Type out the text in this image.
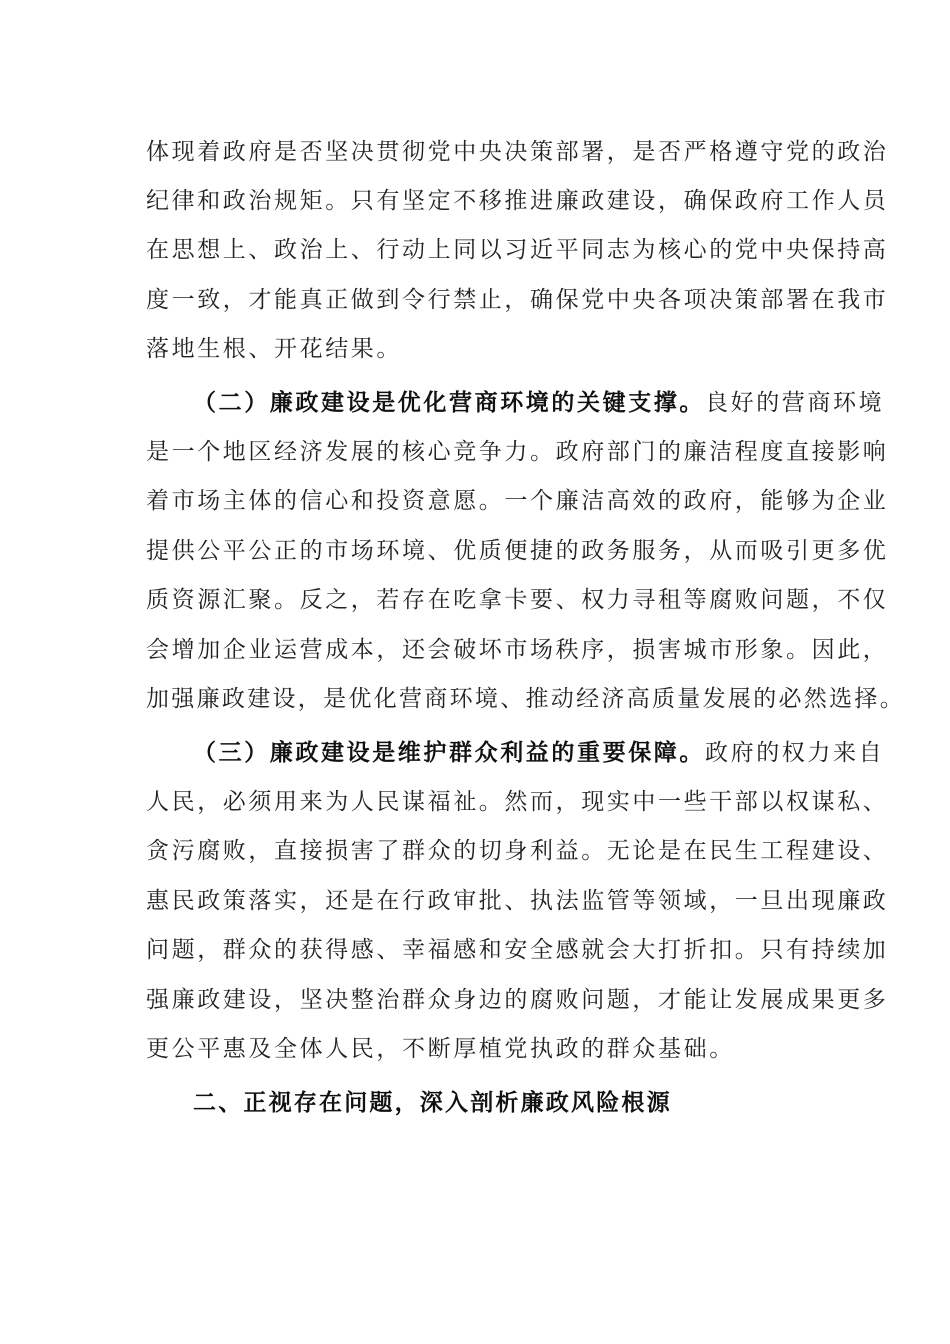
体现着政府是否坚决贯彻党中央决策部署，是否严格遵守党的政治
纪律和政治规矩。只有坚定不移推进廉政建设，确保政府工作人员
在思想上、政治上、行动上同以习近平同志为核心的党中央保持高
度一致，才能真正做到令行禁止，确保党中央各项决策部署在我市
落地生根、开花结果。
（二）廉政建设是优化营商环境的关键支撑。良好的营商环境
是一个地区经济发展的核心竞争力。政府部门的廉洁程度直接影响
着市场主体的信心和投资意愿。一个廉洁高效的政府，能够为企业
提供公平公正的市场环境、优质便捷的政务服务，从而吸引更多优
质资源汇聚。反之，若存在吃拿卡要、权力寻租等腐败问题，不仅
会增加企业运营成本，还会破坏市场秩序，损害城市形象。因此，
加强廉政建设，是优化营商环境、推动经济高质量发展的必然选择。
（三）廉政建设是维护群众利益的重要保障。政府的权力来自
人民，必须用来为人民谋福祉。然而，现实中一些干部以权谋私、
贪污腐败，直接损害了群众的切身利益。无论是在民生工程建设、
惠民政策落实，还是在行政审批、执法监管等领域，一旦出现廉政
问题，群众的获得感、幸福感和安全感就会大打折扣。只有持续加
强廉政建设，坚决整治群众身边的腐败问题，才能让发展成果更多
更公平惠及全体人民，不断厚植党执政的群众基础。
二、正视存在问题，深入剖析廉政风险根源
